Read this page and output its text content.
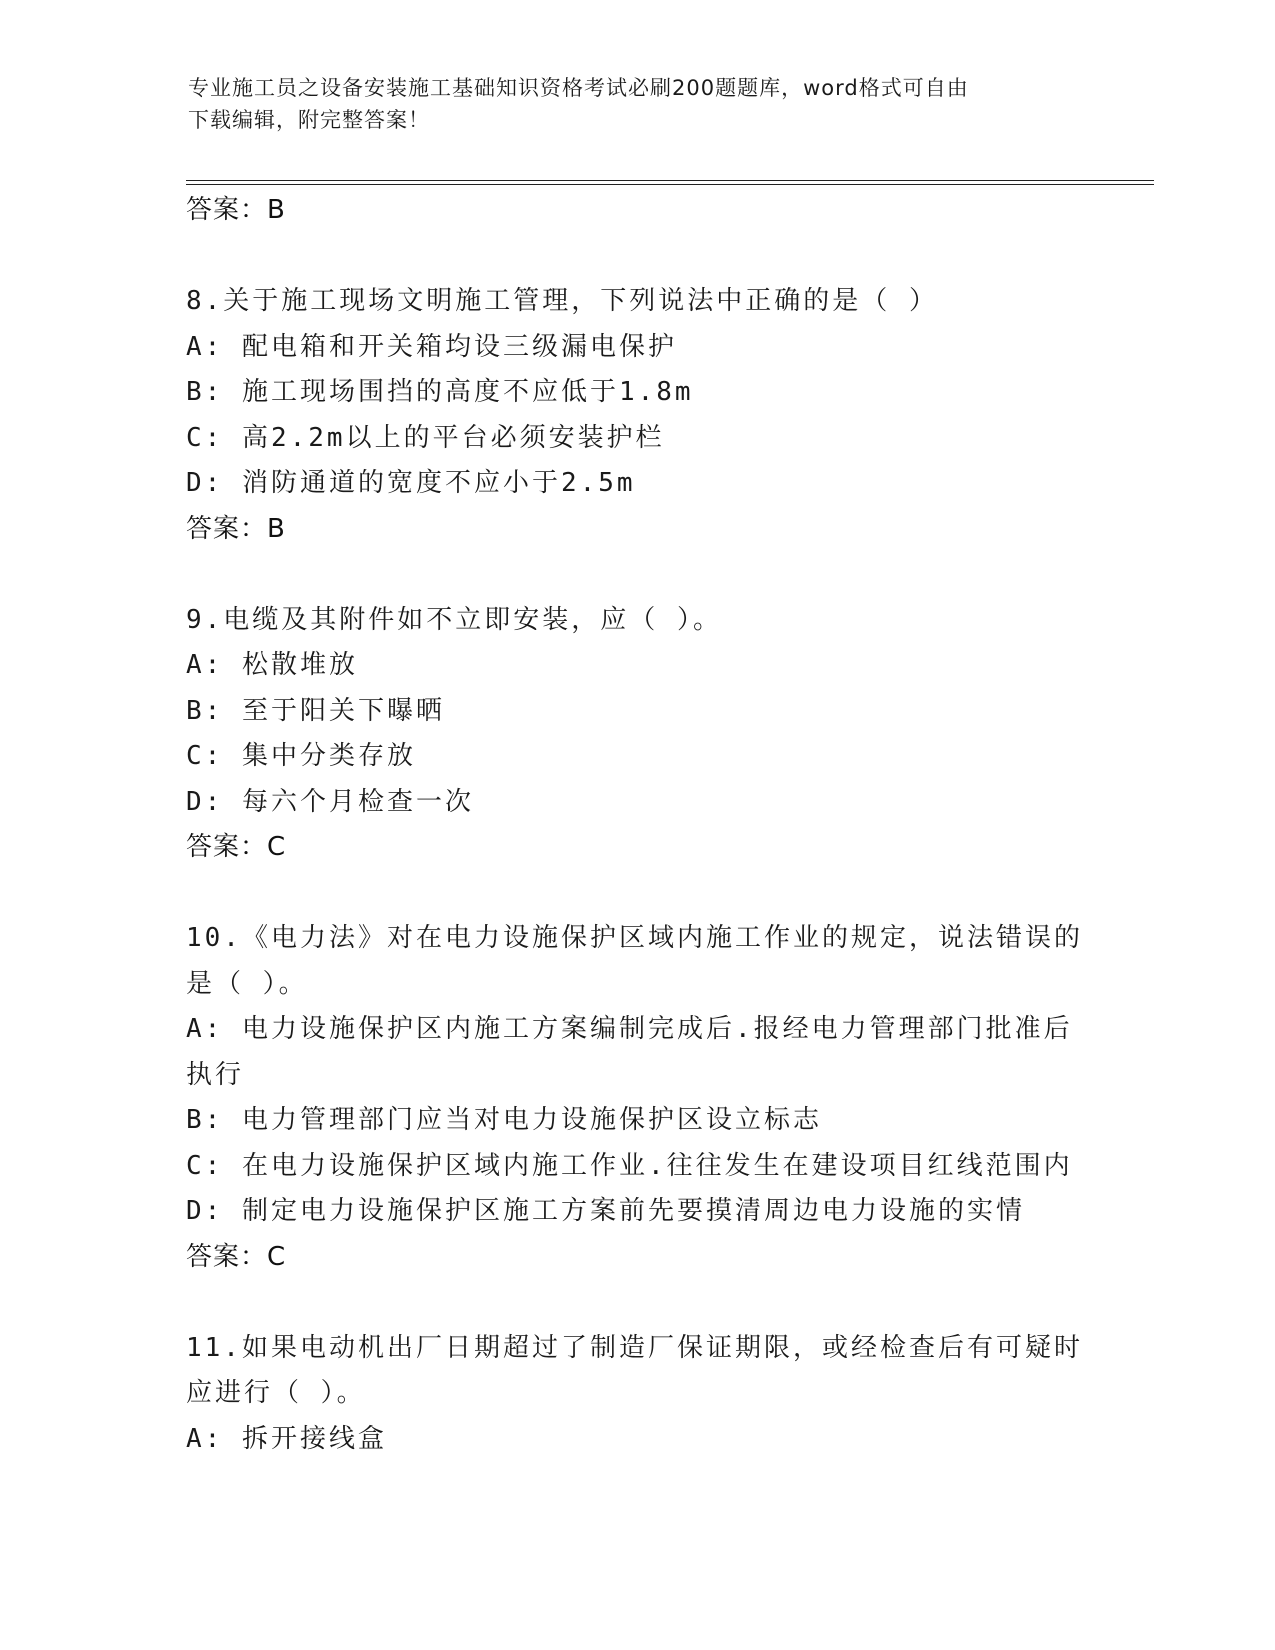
专业施工员之设备安装施工基础知识资格考试必刷200题题库，word格式可自由
下载编辑，附完整答案！
答案：B
8.关于施工现场文明施工管理，下列说法中正确的是（ ）
A: 配电箱和开关箱均设三级漏电保护
B: 施工现场围挡的高度不应低于1.8m
C: 高2.2m以上的平台必须安装护栏
D: 消防通道的宽度不应小于2.5m
答案：B
9.电缆及其附件如不立即安装，应（ ）。
A: 松散堆放
B: 至于阳关下曝晒
C: 集中分类存放
D: 每六个月检查一次
答案：C
10.《电力法》对在电力设施保护区域内施工作业的规定，说法错误的
是（ ）。
A: 电力设施保护区内施工方案编制完成后.报经电力管理部门批准后
执行
B: 电力管理部门应当对电力设施保护区设立标志
C: 在电力设施保护区域内施工作业.往往发生在建设项目红线范围内
D: 制定电力设施保护区施工方案前先要摸清周边电力设施的实情
答案：C
11.如果电动机出厂日期超过了制造厂保证期限，或经检查后有可疑时
应进行（ ）。
A: 拆开接线盒
